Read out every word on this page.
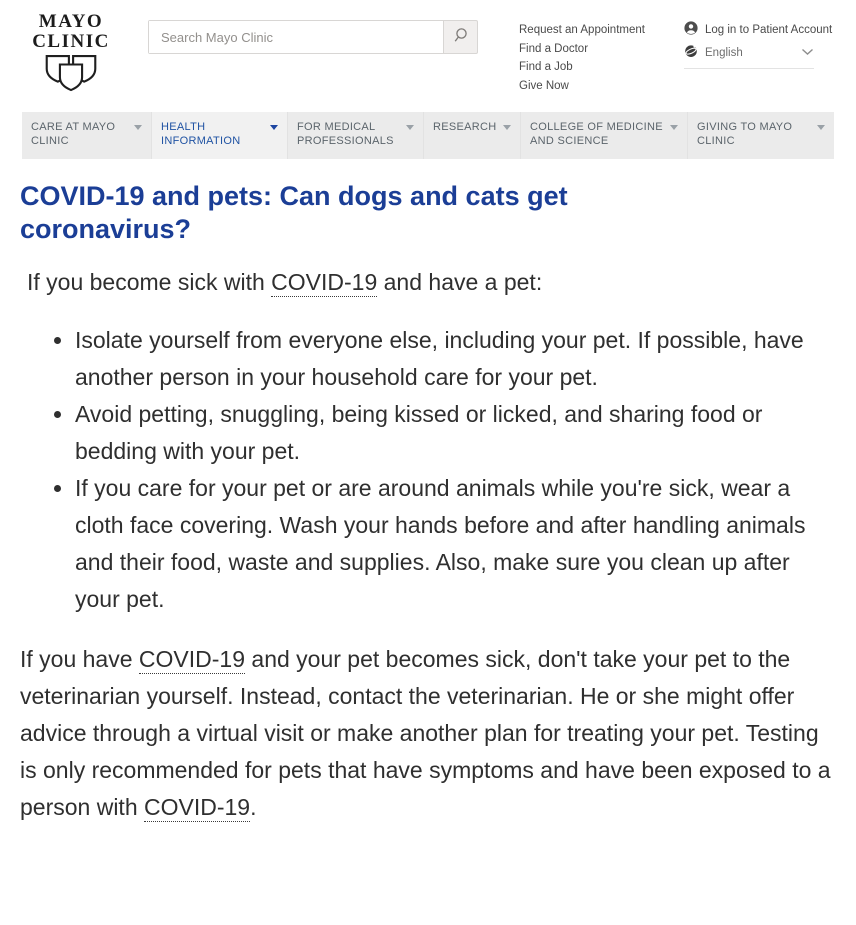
MAYO
CLINIC
Search Mayo Clinic
Request an Appointment
Find a Doctor
Find a Job
Give Now
Log in to Patient Account
English
CARE AT MAYO CLINIC
HEALTH INFORMATION
FOR MEDICAL PROFESSIONALS
RESEARCH	COLLEGE OF MEDICINE AND SCIENCE
GIVING TO MAYO CLINIC
COVID-19 and pets: Can dogs and cats get coronavirus?

If you become sick with COVID-19 and have a pet:

• Isolate yourself from everyone else, including your pet. If possible, have another person in your household care for your pet.
• Avoid petting, snuggling, being kissed or licked, and sharing food or bedding with your pet.
• If you care for your pet or are around animals while you're sick, wear a cloth face covering. Wash your hands before and after handling animals and their food, waste and supplies. Also, make sure you clean up after your pet.

If you have COVID-19 and your pet becomes sick, don't take your pet to the veterinarian yourself. Instead, contact the veterinarian. He or she might offer advice through a virtual visit or make another plan for treating your pet. Testing is only recommended for pets that have symptoms and have been exposed to a person with COVID-19.
